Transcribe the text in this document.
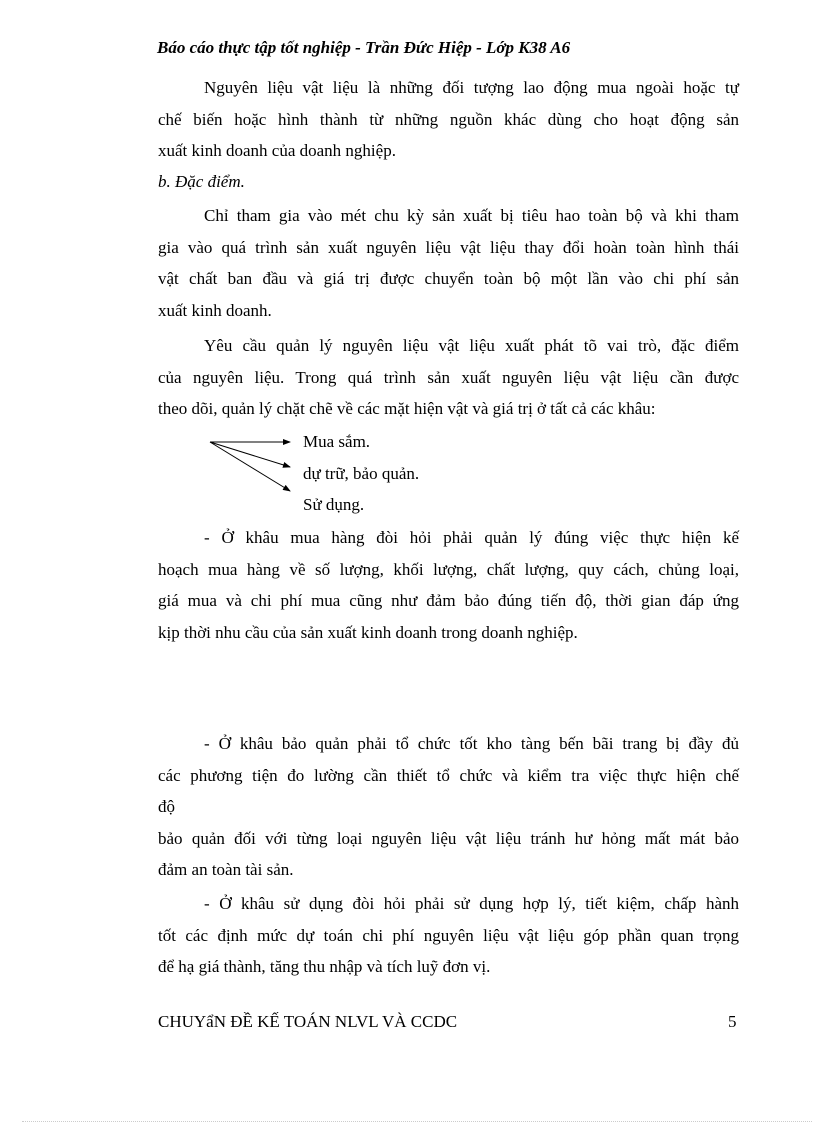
Báo cáo thực tập tốt nghiệp - Trần Đức Hiệp - Lớp K38 A6
Nguyên liệu vật liệu là những đối tượng lao động mua ngoài hoặc tự
chế biến hoặc hình thành từ những nguồn khác dùng cho hoạt động sản
xuất kinh doanh của doanh nghiệp.
b. Đặc điểm.
Chỉ tham gia vào mét chu kỳ sản xuất bị tiêu hao toàn bộ và khi tham
gia vào quá trình sản xuất nguyên liệu vật liệu thay đổi hoàn toàn hình thái
vật chất ban đầu và giá trị được chuyển toàn bộ một lần vào chi phí sản
xuất kinh doanh.
Yêu cầu quản lý nguyên liệu vật liệu xuất phát tõ vai trò, đặc điểm
của nguyên liệu. Trong quá trình sản xuất nguyên liệu vật liệu cần được
theo dõi, quản lý chặt chẽ về các mặt hiện vật và giá trị ở tất cả các khâu:
Mua sắm.
dự trữ, bảo quản.
Sử dụng.
- Ở khâu mua hàng đòi hỏi phải quản lý đúng việc thực hiện kế
hoạch mua hàng về số lượng, khối lượng, chất lượng, quy cách, chủng loại,
giá mua và chi phí mua cũng như đảm bảo đúng tiến độ, thời gian đáp ứng
kịp thời nhu cầu của sản xuất kinh doanh trong doanh nghiệp.
- Ở khâu bảo quản phải tổ chức tốt kho tàng bến bãi trang bị đầy đủ
các phương tiện đo lường cần thiết tổ chức và kiểm tra việc thực hiện chế
độ
bảo quản đối với từng loại nguyên liệu vật liệu tránh hư hỏng mất mát bảo
đảm an toàn tài sản.
- Ở khâu sử dụng đòi hỏi phải sử dụng hợp lý, tiết kiệm, chấp hành
tốt các định mức dự toán chi phí nguyên liệu vật liệu góp phần quan trọng
để hạ giá thành, tăng thu nhập và tích luỹ đơn vị.
CHUYẩN ĐỀ KẾ TOÁN NLVL VÀ CCDC	5
